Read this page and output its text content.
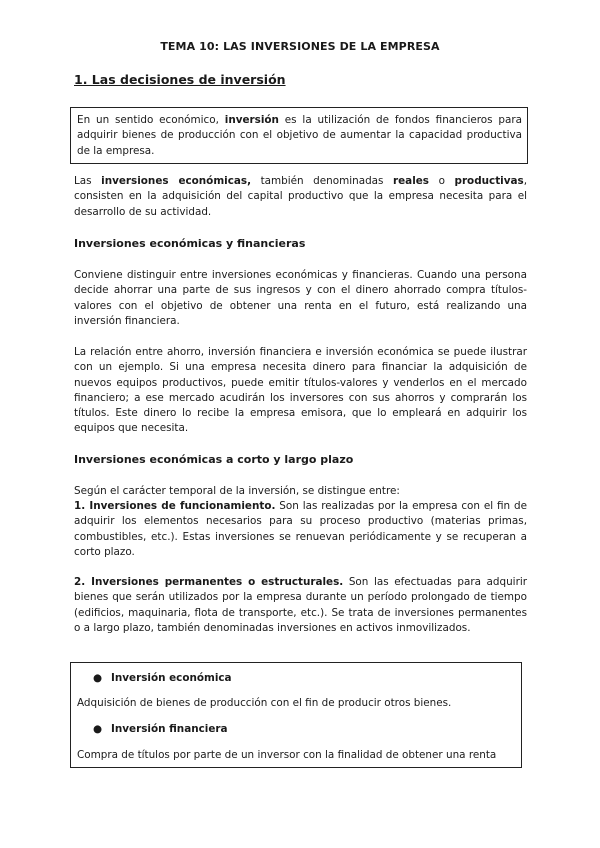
TEMA 10: LAS INVERSIONES DE LA EMPRESA
1. Las decisiones de inversión
En un sentido económico, inversión es la utilización de fondos financieros para adquirir bienes de producción con el objetivo de aumentar la capacidad productiva de la empresa.
Las inversiones económicas, también denominadas reales o productivas, consisten en la adquisición del capital productivo que la empresa necesita para el desarrollo de su actividad.
Inversiones económicas y financieras
Conviene distinguir entre inversiones económicas y financieras. Cuando una persona decide ahorrar una parte de sus ingresos y con el dinero ahorrado compra títulos-valores con el objetivo de obtener una renta en el futuro, está realizando una inversión financiera.
La relación entre ahorro, inversión financiera e inversión económica se puede ilustrar con un ejemplo. Si una empresa necesita dinero para financiar la adquisición de nuevos equipos productivos, puede emitir títulos-valores y venderlos en el mercado financiero; a ese mercado acudirán los inversores con sus ahorros y comprarán los títulos. Este dinero lo recibe la empresa emisora, que lo empleará en adquirir los equipos que necesita.
Inversiones económicas a corto y largo plazo
Según el carácter temporal de la inversión, se distingue entre:
1. Inversiones de funcionamiento. Son las realizadas por la empresa con el fin de adquirir los elementos necesarios para su proceso productivo (materias primas, combustibles, etc.). Estas inversiones se renuevan periódicamente y se recuperan a corto plazo.
2. Inversiones permanentes o estructurales. Son las efectuadas para adquirir bienes que serán utilizados por la empresa durante un período prolongado de tiempo (edificios, maquinaria, flota de transporte, etc.). Se trata de inversiones permanentes o a largo plazo, también denominadas inversiones en activos inmovilizados.
● Inversión económica
Adquisición de bienes de producción con el fin de producir otros bienes.
● Inversión financiera
Compra de títulos por parte de un inversor con la finalidad de obtener una renta
